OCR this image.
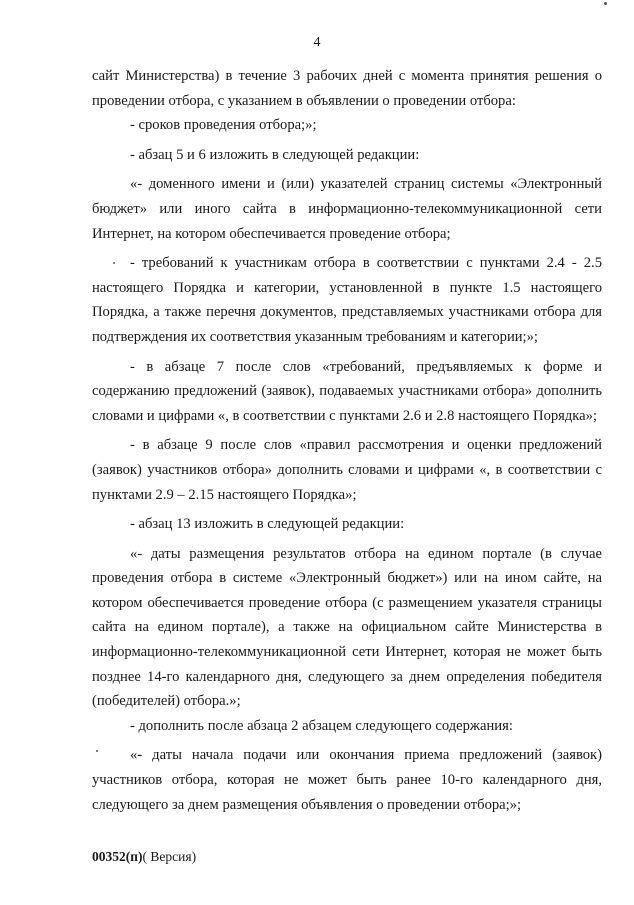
4

сайт Министерства) в течение 3 рабочих дней с момента принятия решения о проведении отбора, с указанием в объявлении о проведении отбора:

- сроков проведения отбора;»;

- абзац 5 и 6 изложить в следующей редакции:

«- доменного имени и (или) указателей страниц системы «Электронный бюджет» или иного сайта в информационно-телекоммуникационной сети Интернет, на котором обеспечивается проведение отбора;

- требований к участникам отбора в соответствии с пунктами 2.4 - 2.5 настоящего Порядка и категории, установленной в пункте 1.5 настоящего Порядка, а также перечня документов, представляемых участниками отбора для подтверждения их соответствия указанным требованиям и категории;»;

- в абзаце 7 после слов «требований, предъявляемых к форме и содержанию предложений (заявок), подаваемых участниками отбора» дополнить словами и цифрами «, в соответствии с пунктами 2.6 и 2.8 настоящего Порядка»;

- в абзаце 9 после слов «правил рассмотрения и оценки предложений (заявок) участников отбора» дополнить словами и цифрами «, в соответствии с пунктами 2.9 – 2.15 настоящего Порядка»;

- абзац 13 изложить в следующей редакции:

«- даты размещения результатов отбора на едином портале (в случае проведения отбора в системе «Электронный бюджет») или на ином сайте, на котором обеспечивается проведение отбора (с размещением указателя страницы сайта на едином портале), а также на официальном сайте Министерства в информационно-телекоммуникационной сети Интернет, которая не может быть позднее 14-го календарного дня, следующего за днем определения победителя (победителей) отбора.»;

- дополнить после абзаца 2 абзацем следующего содержания:

«- даты начала подачи или окончания приема предложений (заявок) участников отбора, которая не может быть ранее 10-го календарного дня, следующего за днем размещения объявления о проведении отбора;»;

00352(п)( Версия)
